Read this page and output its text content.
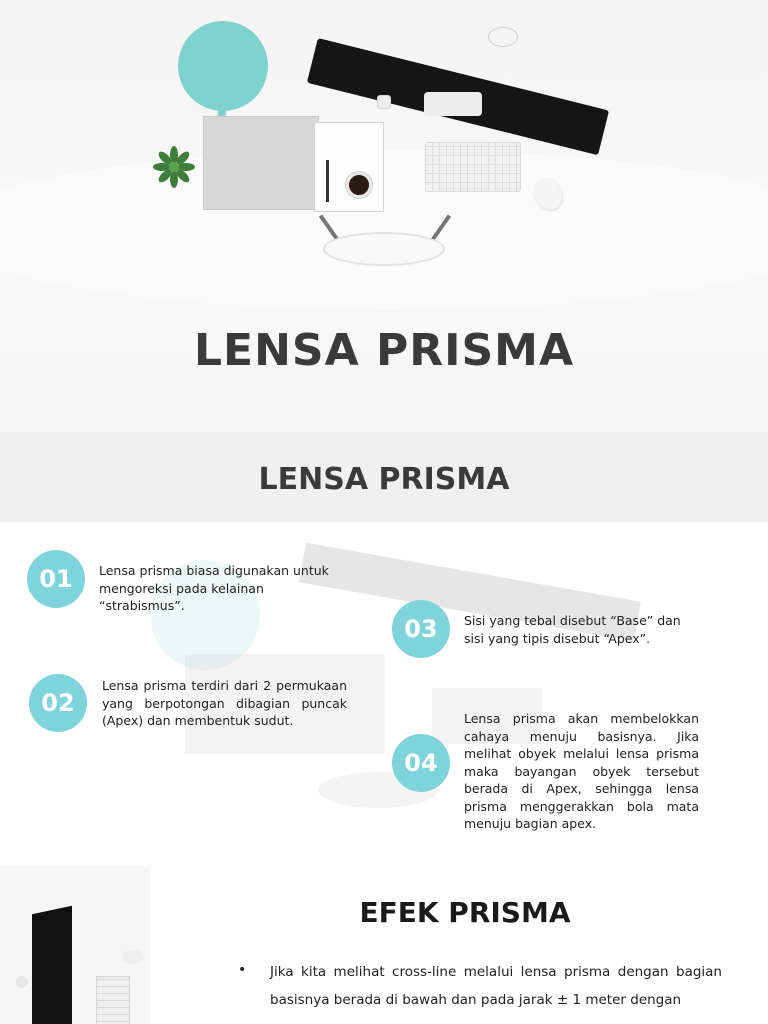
LENSA PRISMA
LENSA PRISMA
01	Lensa prisma biasa digunakan untuk mengoreksi pada kelainan “strabismus”.

02

Lensa prisma terdiri dari 2 permukaan yang berpotongan dibagian puncak (Apex) dan membentuk sudut.

03	Sisi yang tebal disebut “Base” dan sisi yang tipis disebut “Apex”.

04

Lensa prisma akan membelokkan cahaya menuju basisnya. Jika melihat obyek melalui lensa prisma maka bayangan obyek tersebut berada di Apex, sehingga lensa prisma menggerakkan bola mata menuju bagian apex.

EFEK PRISMA
• Jika kita melihat cross-line melalui lensa prisma dengan bagian basisnya berada di bawah dan pada jarak ± 1 meter dengan
